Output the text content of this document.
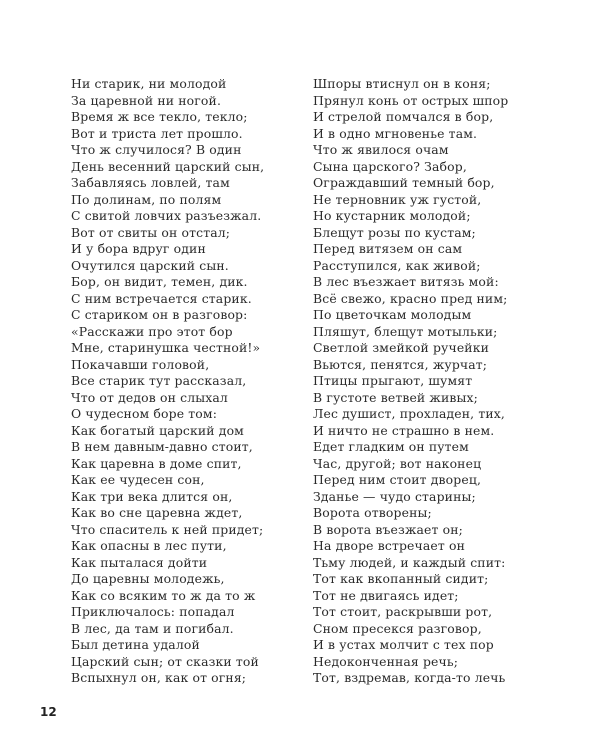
Ни старик, ни молодой
За царевной ни ногой.
Время ж все текло, текло;
Вот и триста лет прошло.
Что ж случилося? В один
День весенний царский сын,
Забавляясь ловлей, там
По долинам, по полям
С свитой ловчих разъезжал.
Вот от свиты он отстал;
И у бора вдруг один
Очутился царский сын.
Бор, он видит, темен, дик.
С ним встречается старик.
С стариком он в разговор:
«Расскажи про этот бор
Мне, старинушка честной!»
Покачавши головой,
Все старик тут рассказал,
Что от дедов он слыхал
О чудесном боре том:
Как богатый царский дом
В нем давным-давно стоит,
Как царевна в доме спит,
Как ее чудесен сон,
Как три века длится он,
Как во сне царевна ждет,
Что спаситель к ней придет;
Как опасны в лес пути,
Как пыталася дойти
До царевны молодежь,
Как со всяким то ж да то ж
Приключалось: попадал
В лес, да там и погибал.
Был детина удалой
Царский сын; от сказки той
Вспыхнул он, как от огня;
Шпоры втиснул он в коня;
Прянул конь от острых шпор
И стрелой помчался в бор,
И в одно мгновенье там.
Что ж явилося очам
Сына царского? Забор,
Ограждавший темный бор,
Не терновник уж густой,
Но кустарник молодой;
Блещут розы по кустам;
Перед витязем он сам
Расступился, как живой;
В лес въезжает витязь мой:
Всё свежо, красно пред ним;
По цветочкам молодым
Пляшут, блещут мотыльки;
Светлой змейкой ручейки
Вьются, пенятся, журчат;
Птицы прыгают, шумят
В густоте ветвей живых;
Лес душист, прохладен, тих,
И ничто не страшно в нем.
Едет гладким он путем
Час, другой; вот наконец
Перед ним стоит дворец,
Зданье — чудо старины;
Ворота отворены;
В ворота въезжает он;
На дворе встречает он
Тьму людей, и каждый спит:
Тот как вкопанный сидит;
Тот не двигаясь идет;
Тот стоит, раскрывши рот,
Сном пресекся разговор,
И в устах молчит с тех пор
Недоконченная речь;
Тот, вздремав, когда-то лечь
12
